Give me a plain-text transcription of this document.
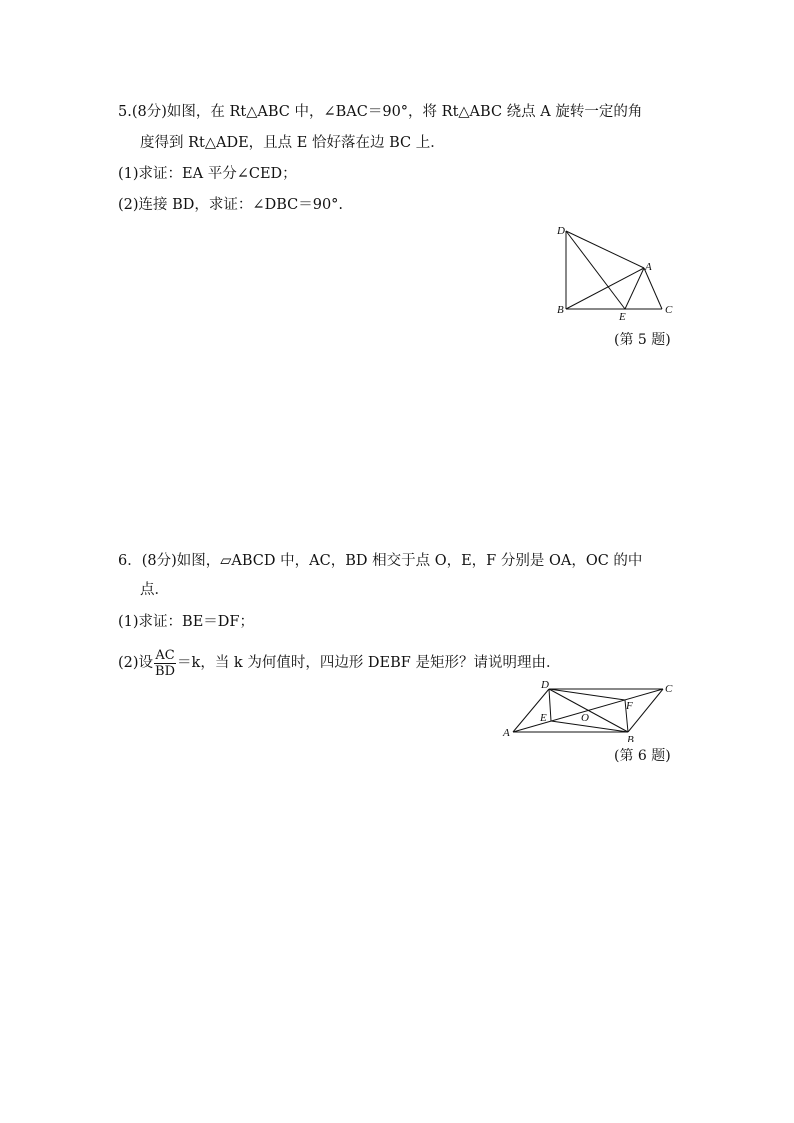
5.(8分)如图，在 Rt△ABC 中，∠BAC＝90°，将 Rt△ABC 绕点 A 旋转一定的角
度得到 Rt△ADE，且点 E 恰好落在边 BC 上．
(1)求证：EA 平分∠CED；
(2)连接 BD，求证：∠DBC＝90°.
D
A
B
E
C
(第 5 题)
6．(8分)如图，▱ABCD 中，AC，BD 相交于点 O，E，F 分别是 OA，OC 的中
点．
(1)求证：BE＝DF；
(2)设 $\frac{AC}{BD} =k$，当 k 为何值时，四边形 DEBF 是矩形？请说明理由．
D	C
E	O
F
A
B
(第 6 题)
